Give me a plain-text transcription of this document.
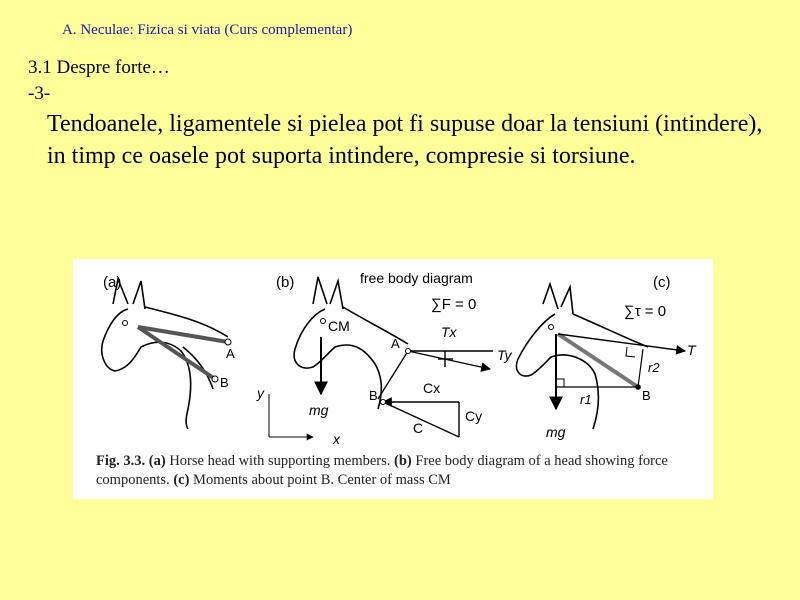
A. Neculae: Fizica si viata (Curs complementar)
3.1 Despre forte…
-3-
Tendoanele, ligamentele si pielea pot fi supuse doar la tensiuni (intindere), in timp ce oasele pot suporta intindere, compresie si torsiune.
(a)
A
B
(b)	free body diagram
∑F = 0
CM
A
Tx
Ty
mg
B	Cx
Cy
C
y
x
(c)
∑τ = 0
T
r2
r1	B
mg
Fig. 3.3. (a) Horse head with supporting members. (b) Free body diagram of a head showing force components. (c) Moments about point B. Center of mass CM
